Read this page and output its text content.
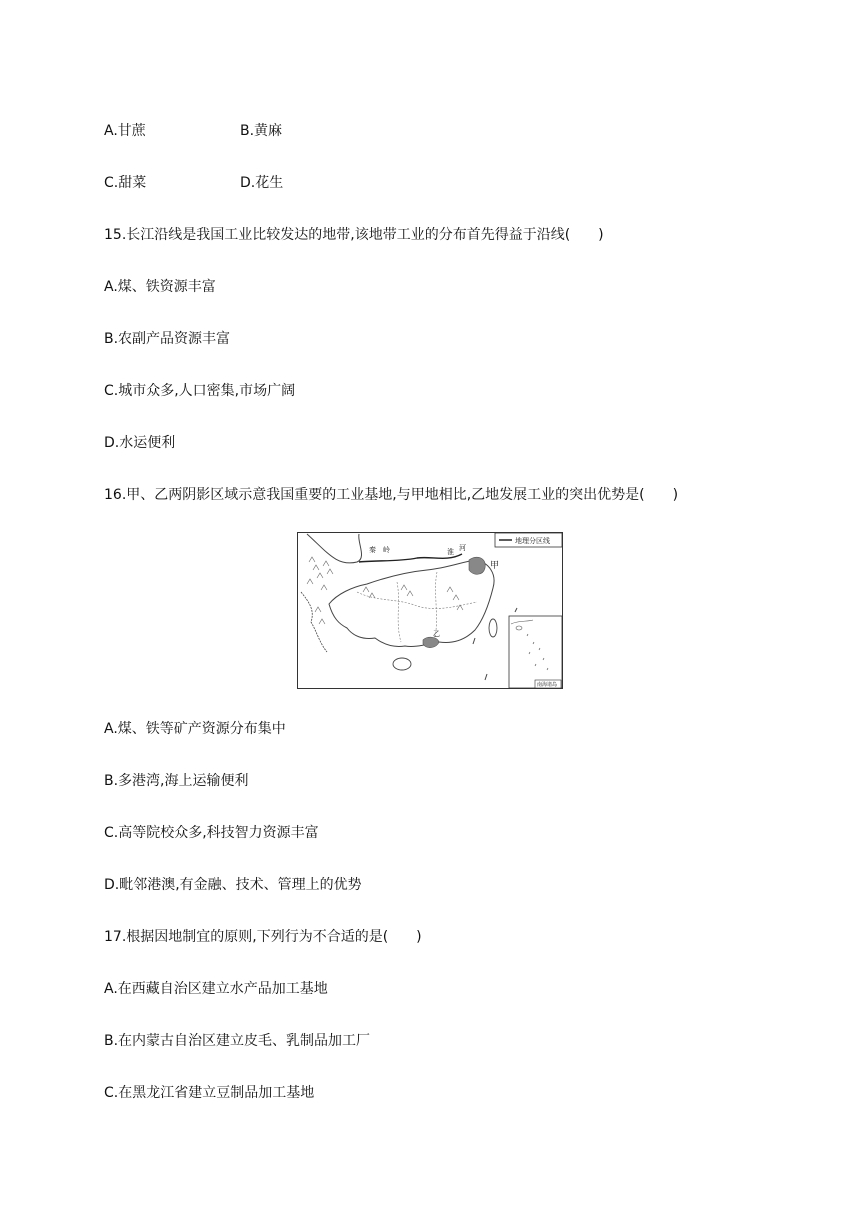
A.甘蔗	B.黄麻
C.甜菜	D.花生
15.长江沿线是我国工业比较发达的地带,该地带工业的分布首先得益于沿线(　　)
A.煤、铁资源丰富
B.农副产品资源丰富
C.城市众多,人口密集,市场广阔
D.水运便利
16.甲、乙两阴影区域示意我国重要的工业基地,与甲地相比,乙地发展工业的突出优势是(　　)
地理分区线
秦　岭	淮 河
甲
乙
南海诸岛
A.煤、铁等矿产资源分布集中
B.多港湾,海上运输便利
C.高等院校众多,科技智力资源丰富
D.毗邻港澳,有金融、技术、管理上的优势
17.根据因地制宜的原则,下列行为不合适的是(　　)
A.在西藏自治区建立水产品加工基地
B.在内蒙古自治区建立皮毛、乳制品加工厂
C.在黑龙江省建立豆制品加工基地
